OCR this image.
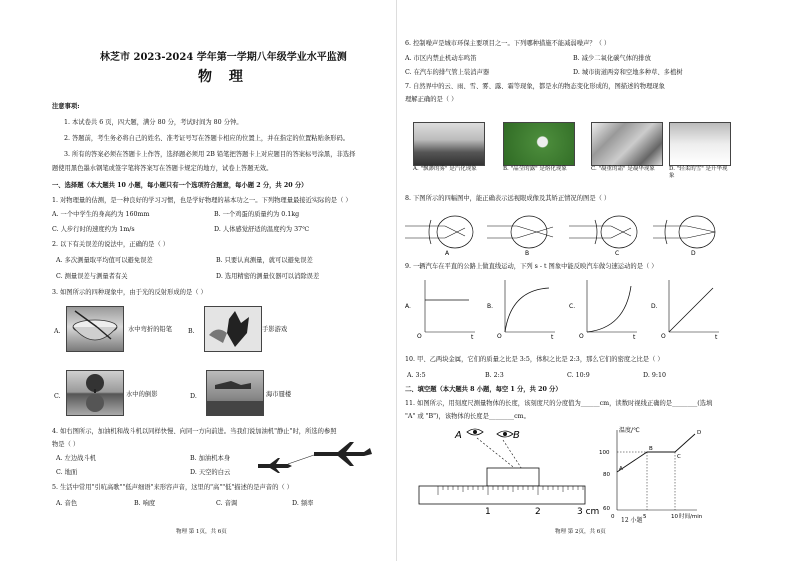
林芝市 2023-2024 学年第一学期八年级学业水平监测
物 理
注意事项:
1. 本试卷共 6 页，四大题，满分 80 分，考试时间为 80 分钟。
2. 答题前，考生务必将自己的姓名、准考证号写在答题卡相应的位置上，并在指定的位置粘贴条形码。
3. 所有的答案必须在答题卡上作答，选择题必须用 2B 铅笔把答题卡上对应题目的答案标号涂黑，非选择
题使用黑色墨水钢笔或签字笔将答案写在答题卡规定的地方，试卷上答题无效。
一、选择题（本大题共 10 小题，每小题只有一个选项符合题意，每小题 2 分，共 20 分）
1. 对物理量的估测，是一种良好的学习习惯，也是学好物理的基本功之一。下列物理量最接近实际的是（ ）
A. 一个中学生的身高约为 160mm	B. 一个鸡蛋的质量约为 0.1kg
C. 人步行时的速度约为 1m/s	D. 人体感觉舒适的温度约为 37℃
2. 以下有关误差的说法中，正确的是（ ）
A. 多次测量取平均值可以避免误差	B. 只要认真测量，就可以避免误差
C. 测量误差与测量者有关	D. 选用精密的测量仪器可以消除误差
3. 如图所示的四种现象中，由于光的反射形成的是（ ）
A.	水中弯折的铅笔	B.	手影游戏
C.	水中的倒影	D.	海市蜃楼
4. 如右图所示，加油机和战斗机以同样快慢、向同一方向前进。当我们说加油机"静止"时，所选的参照
物是（ ）
A. 左边战斗机	B. 加油机本身
C. 地面	D. 天空的白云
5. 生活中常用"引吭高歌""低声细语"来形容声音，这里的"高""低"描述的是声音的（ ）
A. 音色	B. 响度	C. 音调	D. 频率
物理 第 1页，共 6页
6. 控制噪声是城市环保主要项目之一。下列哪种措施不能减弱噪声？（ ）
A. 市区内禁止机动车鸣笛	B. 减少二氧化碳气体的排放
C. 在汽车的排气管上装消声器	D. 城市街道两旁和空地多种草、多植树
7. 自然界中的云、雨、雪、雾、露、霜等现象，都是水的物态变化形成的，图描述的物理现象
理解正确的是（ ）
A. "飘渺的雾" 是汽化现象	B. "晶莹的露" 是熔化现象	C. "凝重的霜" 是凝华现象	D. "轻柔的雪" 是升华现象
8. 下图所示的四幅图中，能正确表示远视眼成像及其矫正情况的图是（ ）
A	B	C	D
9. 一辆汽车在平直的公路上做直线运动，下列 s - t 图象中能反映汽车做匀速运动的是（ ）
A.
O	t
B.
O	t
C.
O	t
D.
O	t
10. 甲、乙两块金属，它们的质量之比是 3:5，体积之比是 2:3，那么它们的密度之比是（ ）
A. 3:5	B. 2:3	C. 10:9	D. 9:10
二、填空题（本大题共 8 小题，每空 1 分，共 20 分）
11. 如图所示，用刻度尺测量物体的长度，该刻度尺的分度值为______cm，读数时视线正确的是________(选填
"A" 或 "B")，该物体的长度是________cm。
A	B
1	2	3 cm
温度/℃
100
80
60
0	5	10 时间/min
A
B
C
D
12 小题
物理 第 2页，共 6页
